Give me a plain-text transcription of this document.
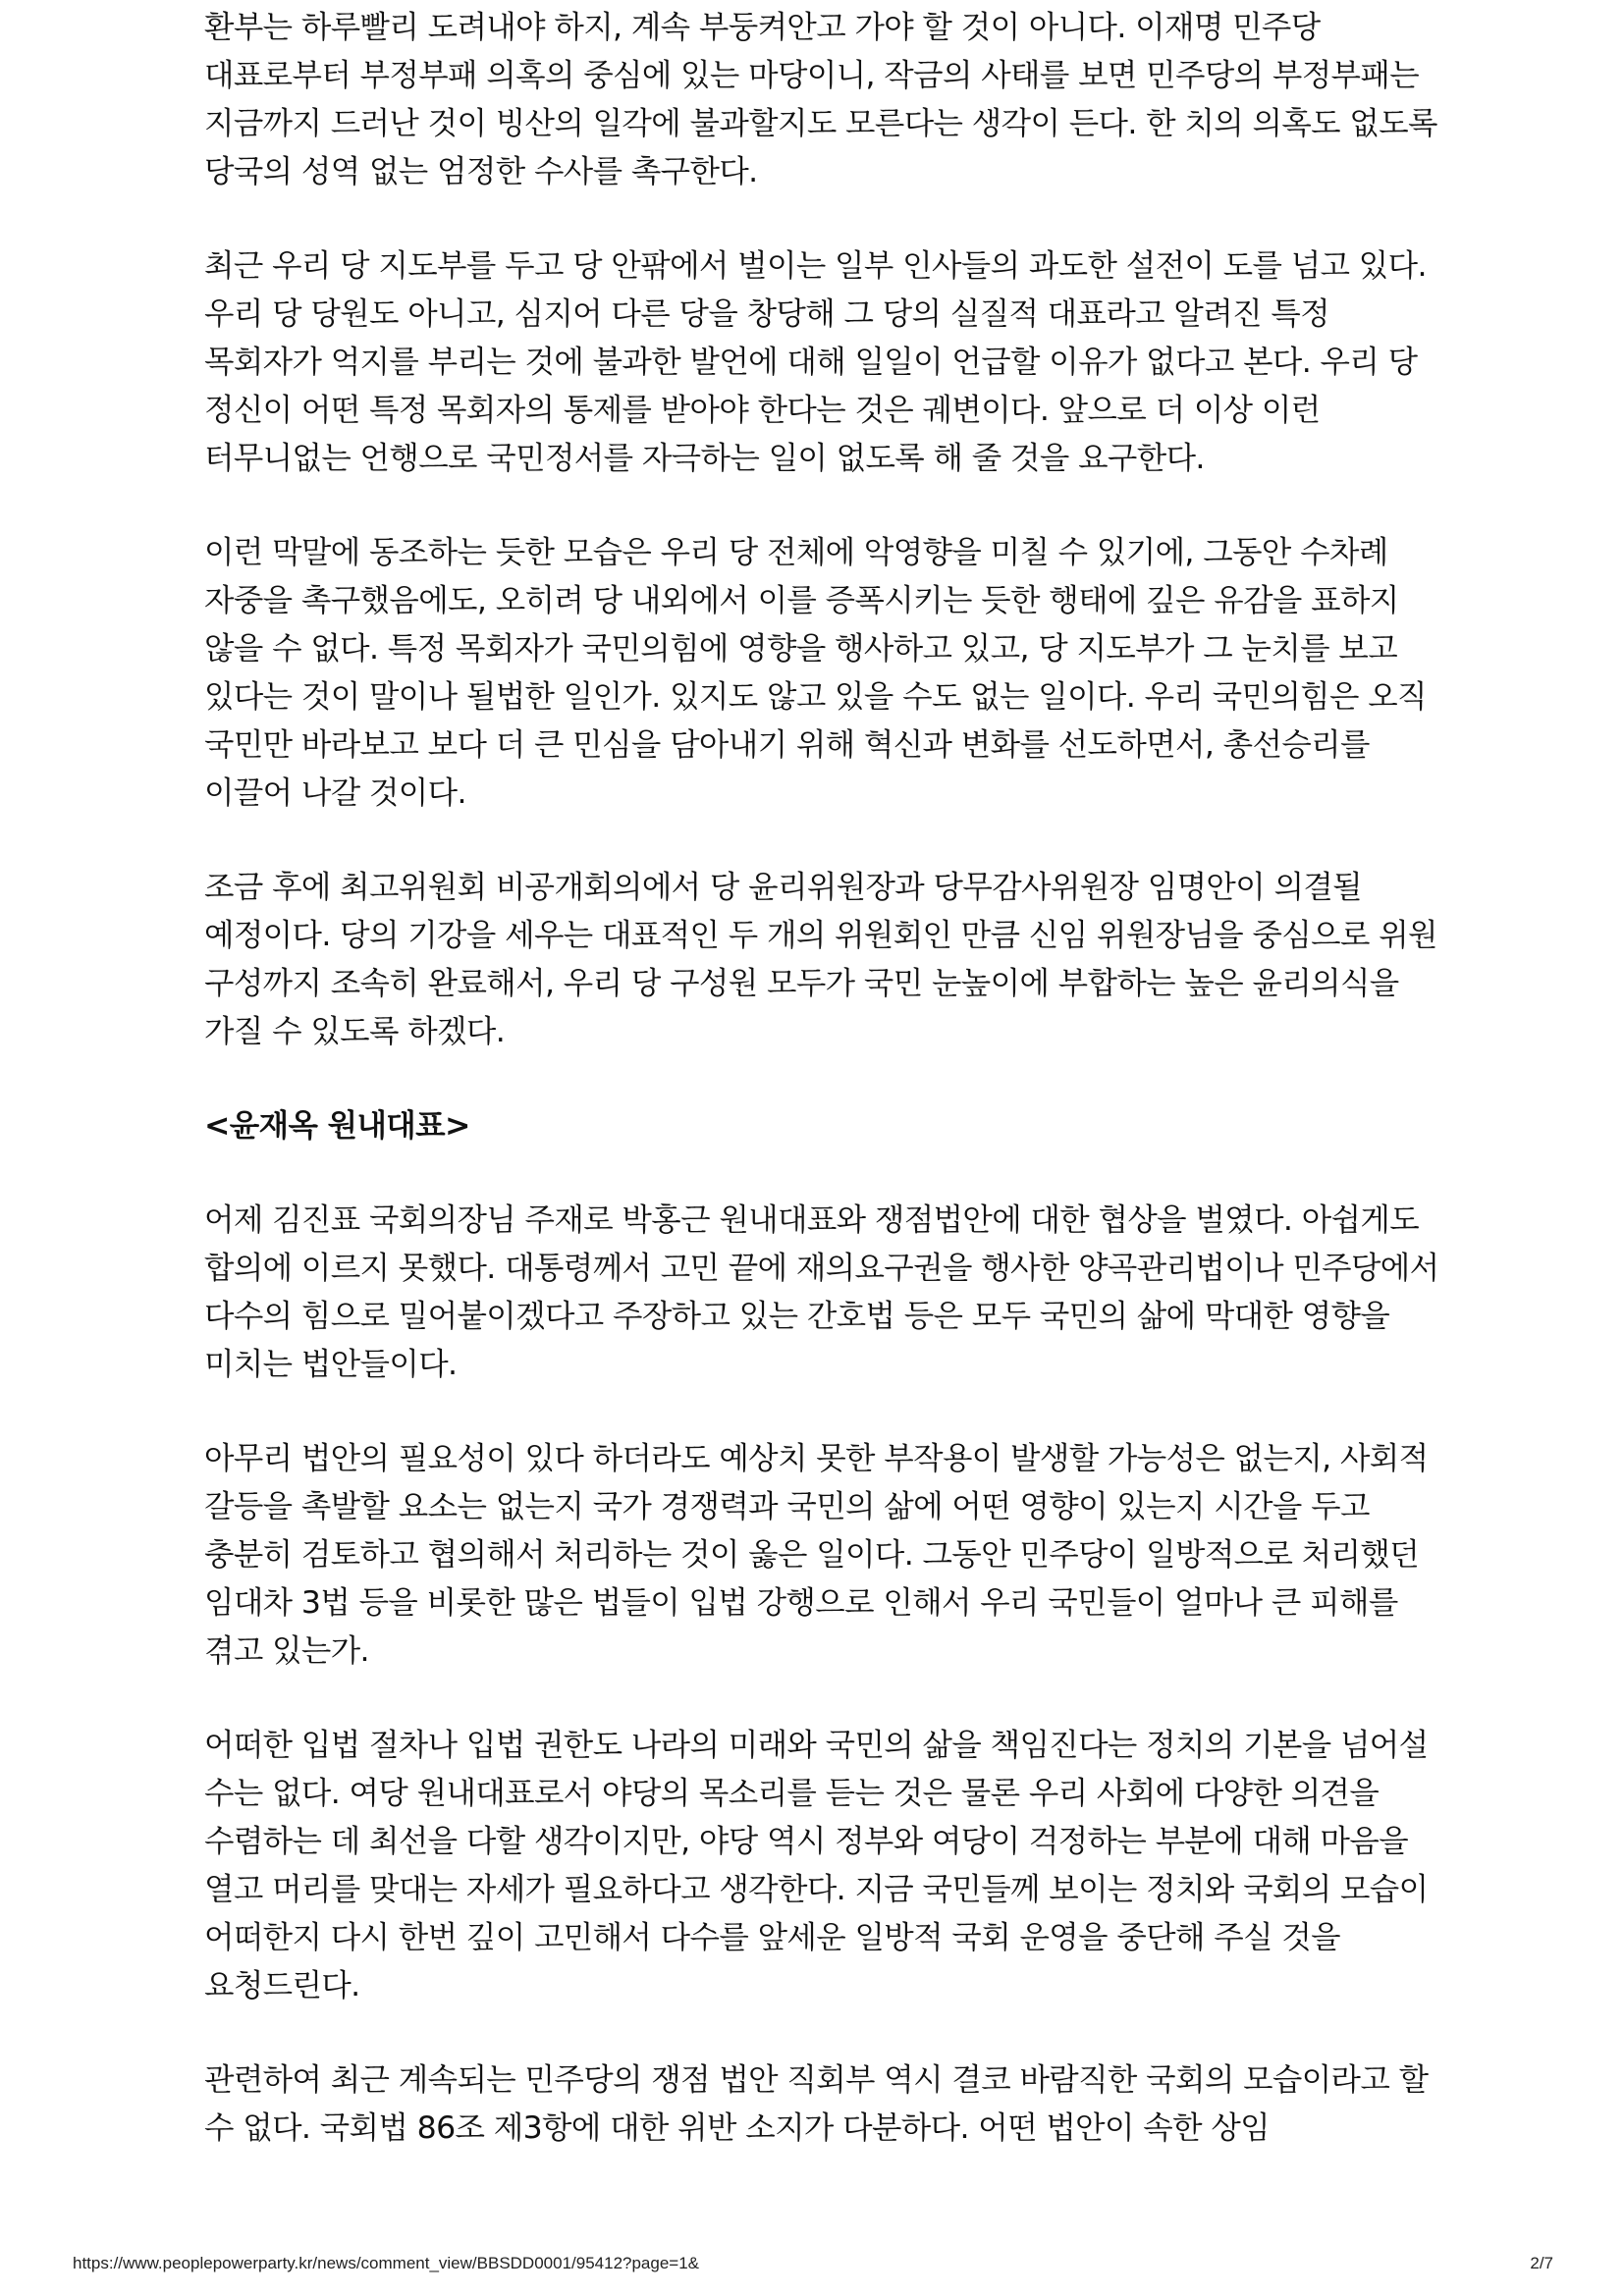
환부는 하루빨리 도려내야 하지, 계속 부둥켜안고 가야 할 것이 아니다. 이재명 민주당 대표로부터 부정부패 의혹의 중심에 있는 마당이니, 작금의 사태를 보면 민주당의 부정부패는 지금까지 드러난 것이 빙산의 일각에 불과할지도 모른다는 생각이 든다. 한 치의 의혹도 없도록 당국의 성역 없는 엄정한 수사를 촉구한다.

최근 우리 당 지도부를 두고 당 안팎에서 벌이는 일부 인사들의 과도한 설전이 도를 넘고 있다. 우리 당 당원도 아니고, 심지어 다른 당을 창당해 그 당의 실질적 대표라고 알려진 특정 목회자가 억지를 부리는 것에 불과한 발언에 대해 일일이 언급할 이유가 없다고 본다. 우리 당 정신이 어떤 특정 목회자의 통제를 받아야 한다는 것은 궤변이다. 앞으로 더 이상 이런 터무니없는 언행으로 국민정서를 자극하는 일이 없도록 해 줄 것을 요구한다.

이런 막말에 동조하는 듯한 모습은 우리 당 전체에 악영향을 미칠 수 있기에, 그동안 수차례 자중을 촉구했음에도, 오히려 당 내외에서 이를 증폭시키는 듯한 행태에 깊은 유감을 표하지 않을 수 없다. 특정 목회자가 국민의힘에 영향을 행사하고 있고, 당 지도부가 그 눈치를 보고 있다는 것이 말이나 될법한 일인가. 있지도 않고 있을 수도 없는 일이다. 우리 국민의힘은 오직 국민만 바라보고 보다 더 큰 민심을 담아내기 위해 혁신과 변화를 선도하면서, 총선승리를 이끌어 나갈 것이다.

조금 후에 최고위원회 비공개회의에서 당 윤리위원장과 당무감사위원장 임명안이 의결될 예정이다. 당의 기강을 세우는 대표적인 두 개의 위원회인 만큼 신임 위원장님을 중심으로 위원 구성까지 조속히 완료해서, 우리 당 구성원 모두가 국민 눈높이에 부합하는 높은 윤리의식을 가질 수 있도록 하겠다.

<윤재옥 원내대표>

어제 김진표 국회의장님 주재로 박홍근 원내대표와 쟁점법안에 대한 협상을 벌였다. 아쉽게도 합의에 이르지 못했다. 대통령께서 고민 끝에 재의요구권을 행사한 양곡관리법이나 민주당에서 다수의 힘으로 밀어붙이겠다고 주장하고 있는 간호법 등은 모두 국민의 삶에 막대한 영향을 미치는 법안들이다.

아무리 법안의 필요성이 있다 하더라도 예상치 못한 부작용이 발생할 가능성은 없는지, 사회적 갈등을 촉발할 요소는 없는지 국가 경쟁력과 국민의 삶에 어떤 영향이 있는지 시간을 두고 충분히 검토하고 협의해서 처리하는 것이 옳은 일이다. 그동안 민주당이 일방적으로 처리했던 임대차 3법 등을 비롯한 많은 법들이 입법 강행으로 인해서 우리 국민들이 얼마나 큰 피해를 겪고 있는가.

어떠한 입법 절차나 입법 권한도 나라의 미래와 국민의 삶을 책임진다는 정치의 기본을 넘어설 수는 없다. 여당 원내대표로서 야당의 목소리를 듣는 것은 물론 우리 사회에 다양한 의견을 수렴하는 데 최선을 다할 생각이지만, 야당 역시 정부와 여당이 걱정하는 부분에 대해 마음을 열고 머리를 맞대는 자세가 필요하다고 생각한다. 지금 국민들께 보이는 정치와 국회의 모습이 어떠한지 다시 한번 깊이 고민해서 다수를 앞세운 일방적 국회 운영을 중단해 주실 것을 요청드린다.

관련하여 최근 계속되는 민주당의 쟁점 법안 직회부 역시 결코 바람직한 국회의 모습이라고 할 수 없다. 국회법 86조 제3항에 대한 위반 소지가 다분하다. 어떤 법안이 속한 상임

https://www.peoplepowerparty.kr/news/comment_view/BBSDD0001/95412?page=1&	2/7
